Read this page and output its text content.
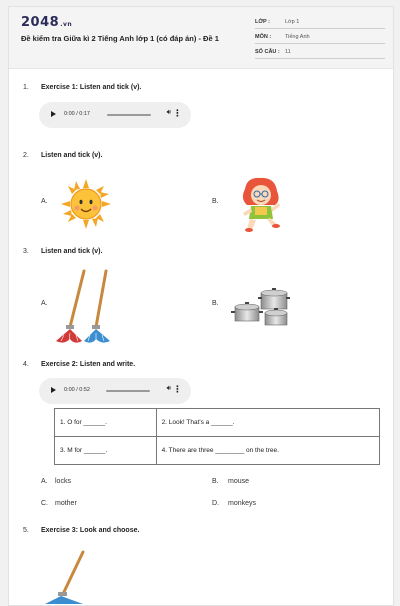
2048.vn
Đề kiểm tra Giữa kì 2 Tiếng Anh lớp 1 (có đáp án) - Đề 1
LỚP :	Lớp 1
MÔN :	Tiếng Anh
SỐ CÂU : 11
1. Exercise 1: Listen and tick (v).
0:00 / 0:17	🔊︎ ⋮
2. Listen and tick (v).
A.	B.
3. Listen and tick (v).
A.	B.
4. Exercise 2: Listen and write.
0:00 / 0:52	🔊︎ ⋮
1. O for ______.	2. Look! That's a ______.
3. M for ______.	4. There are three ________ on the tree.
A. locks	B. mouse
C. mother	D. monkeys
5. Exercise 3: Look and choose.
